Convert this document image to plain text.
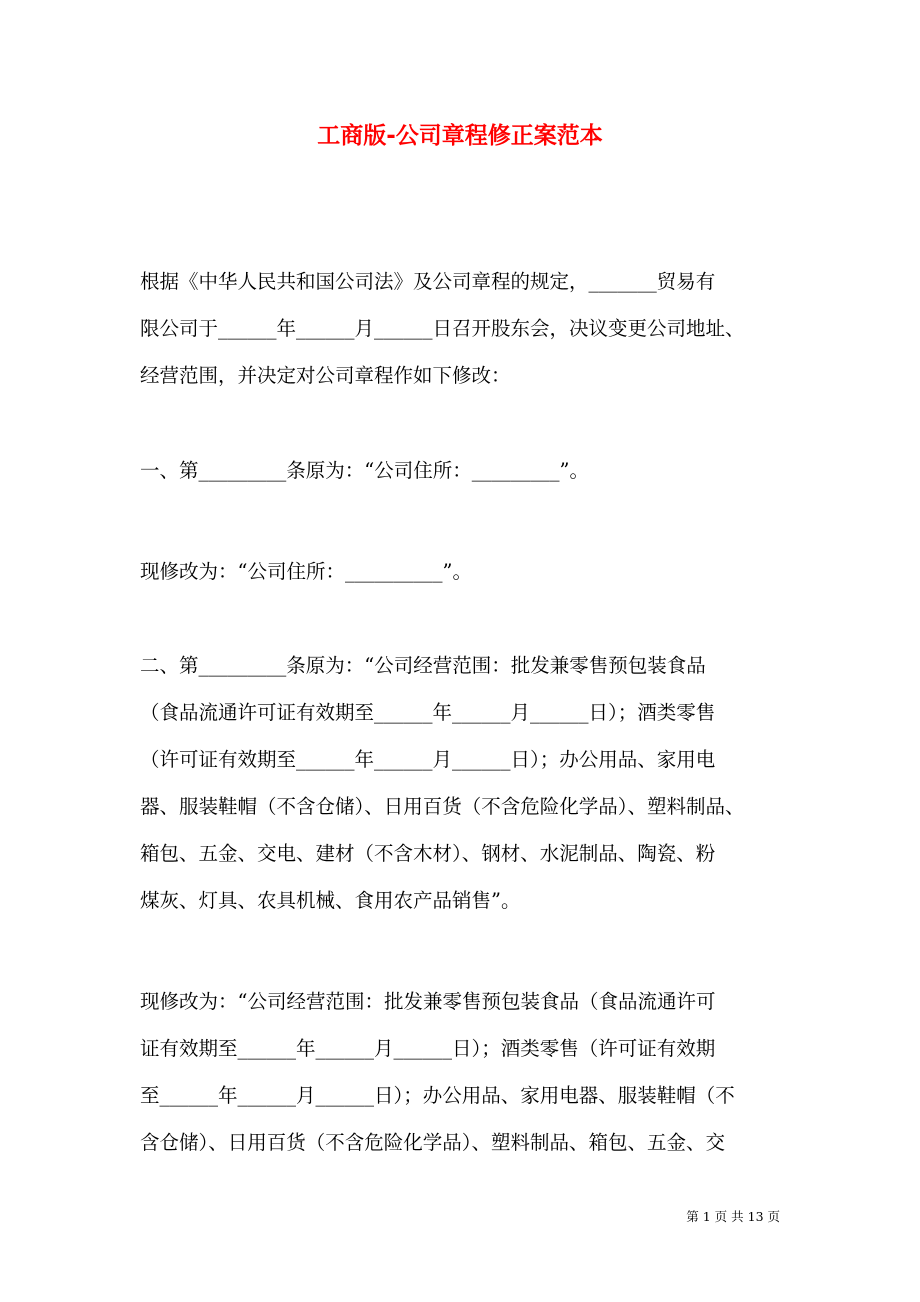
工商版-公司章程修正案范本
根据《中华人民共和国公司法》及公司章程的规定，_______贸易有
限公司于______年______月______日召开股东会，决议变更公司地址、
经营范围，并决定对公司章程作如下修改：
一、第_________条原为：“公司住所：_________”。
现修改为：“公司住所：__________”。
二、第_________条原为：“公司经营范围：批发兼零售预包装食品
（食品流通许可证有效期至______年______月______日）；酒类零售
（许可证有效期至______年______月______日）；办公用品、家用电
器、服装鞋帽（不含仓储）、日用百货（不含危险化学品）、塑料制品、
箱包、五金、交电、建材（不含木材）、钢材、水泥制品、陶瓷、粉
煤灰、灯具、农具机械、食用农产品销售”。
现修改为：“公司经营范围：批发兼零售预包装食品（食品流通许可
证有效期至______年______月______日）；酒类零售（许可证有效期
至______年______月______日）；办公用品、家用电器、服装鞋帽（不
含仓储）、日用百货（不含危险化学品）、塑料制品、箱包、五金、交
第 1 页 共 13 页
